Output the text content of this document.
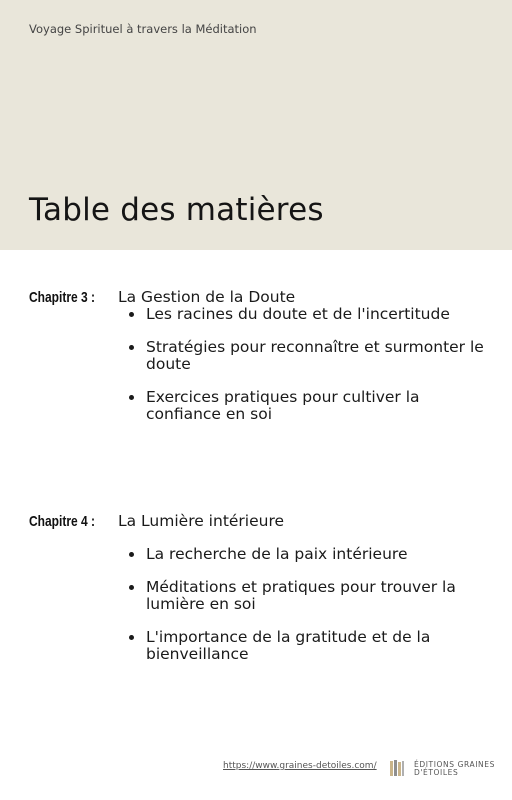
Voyage Spirituel à travers la Méditation
Table des matières
Chapitre 3 :	La Gestion de la Doute
Les racines du doute et de l'incertitude
Stratégies pour reconnaître et surmonter le doute
Exercices pratiques pour cultiver la confiance en soi
Chapitre 4 :	La Lumière intérieure
La recherche de la paix intérieure
Méditations et pratiques pour trouver la lumière en soi
L'importance de la gratitude et de la bienveillance
https://www.graines-detoiles.com/	ÉDITIONS GRAINES
D'ÉTOILES
